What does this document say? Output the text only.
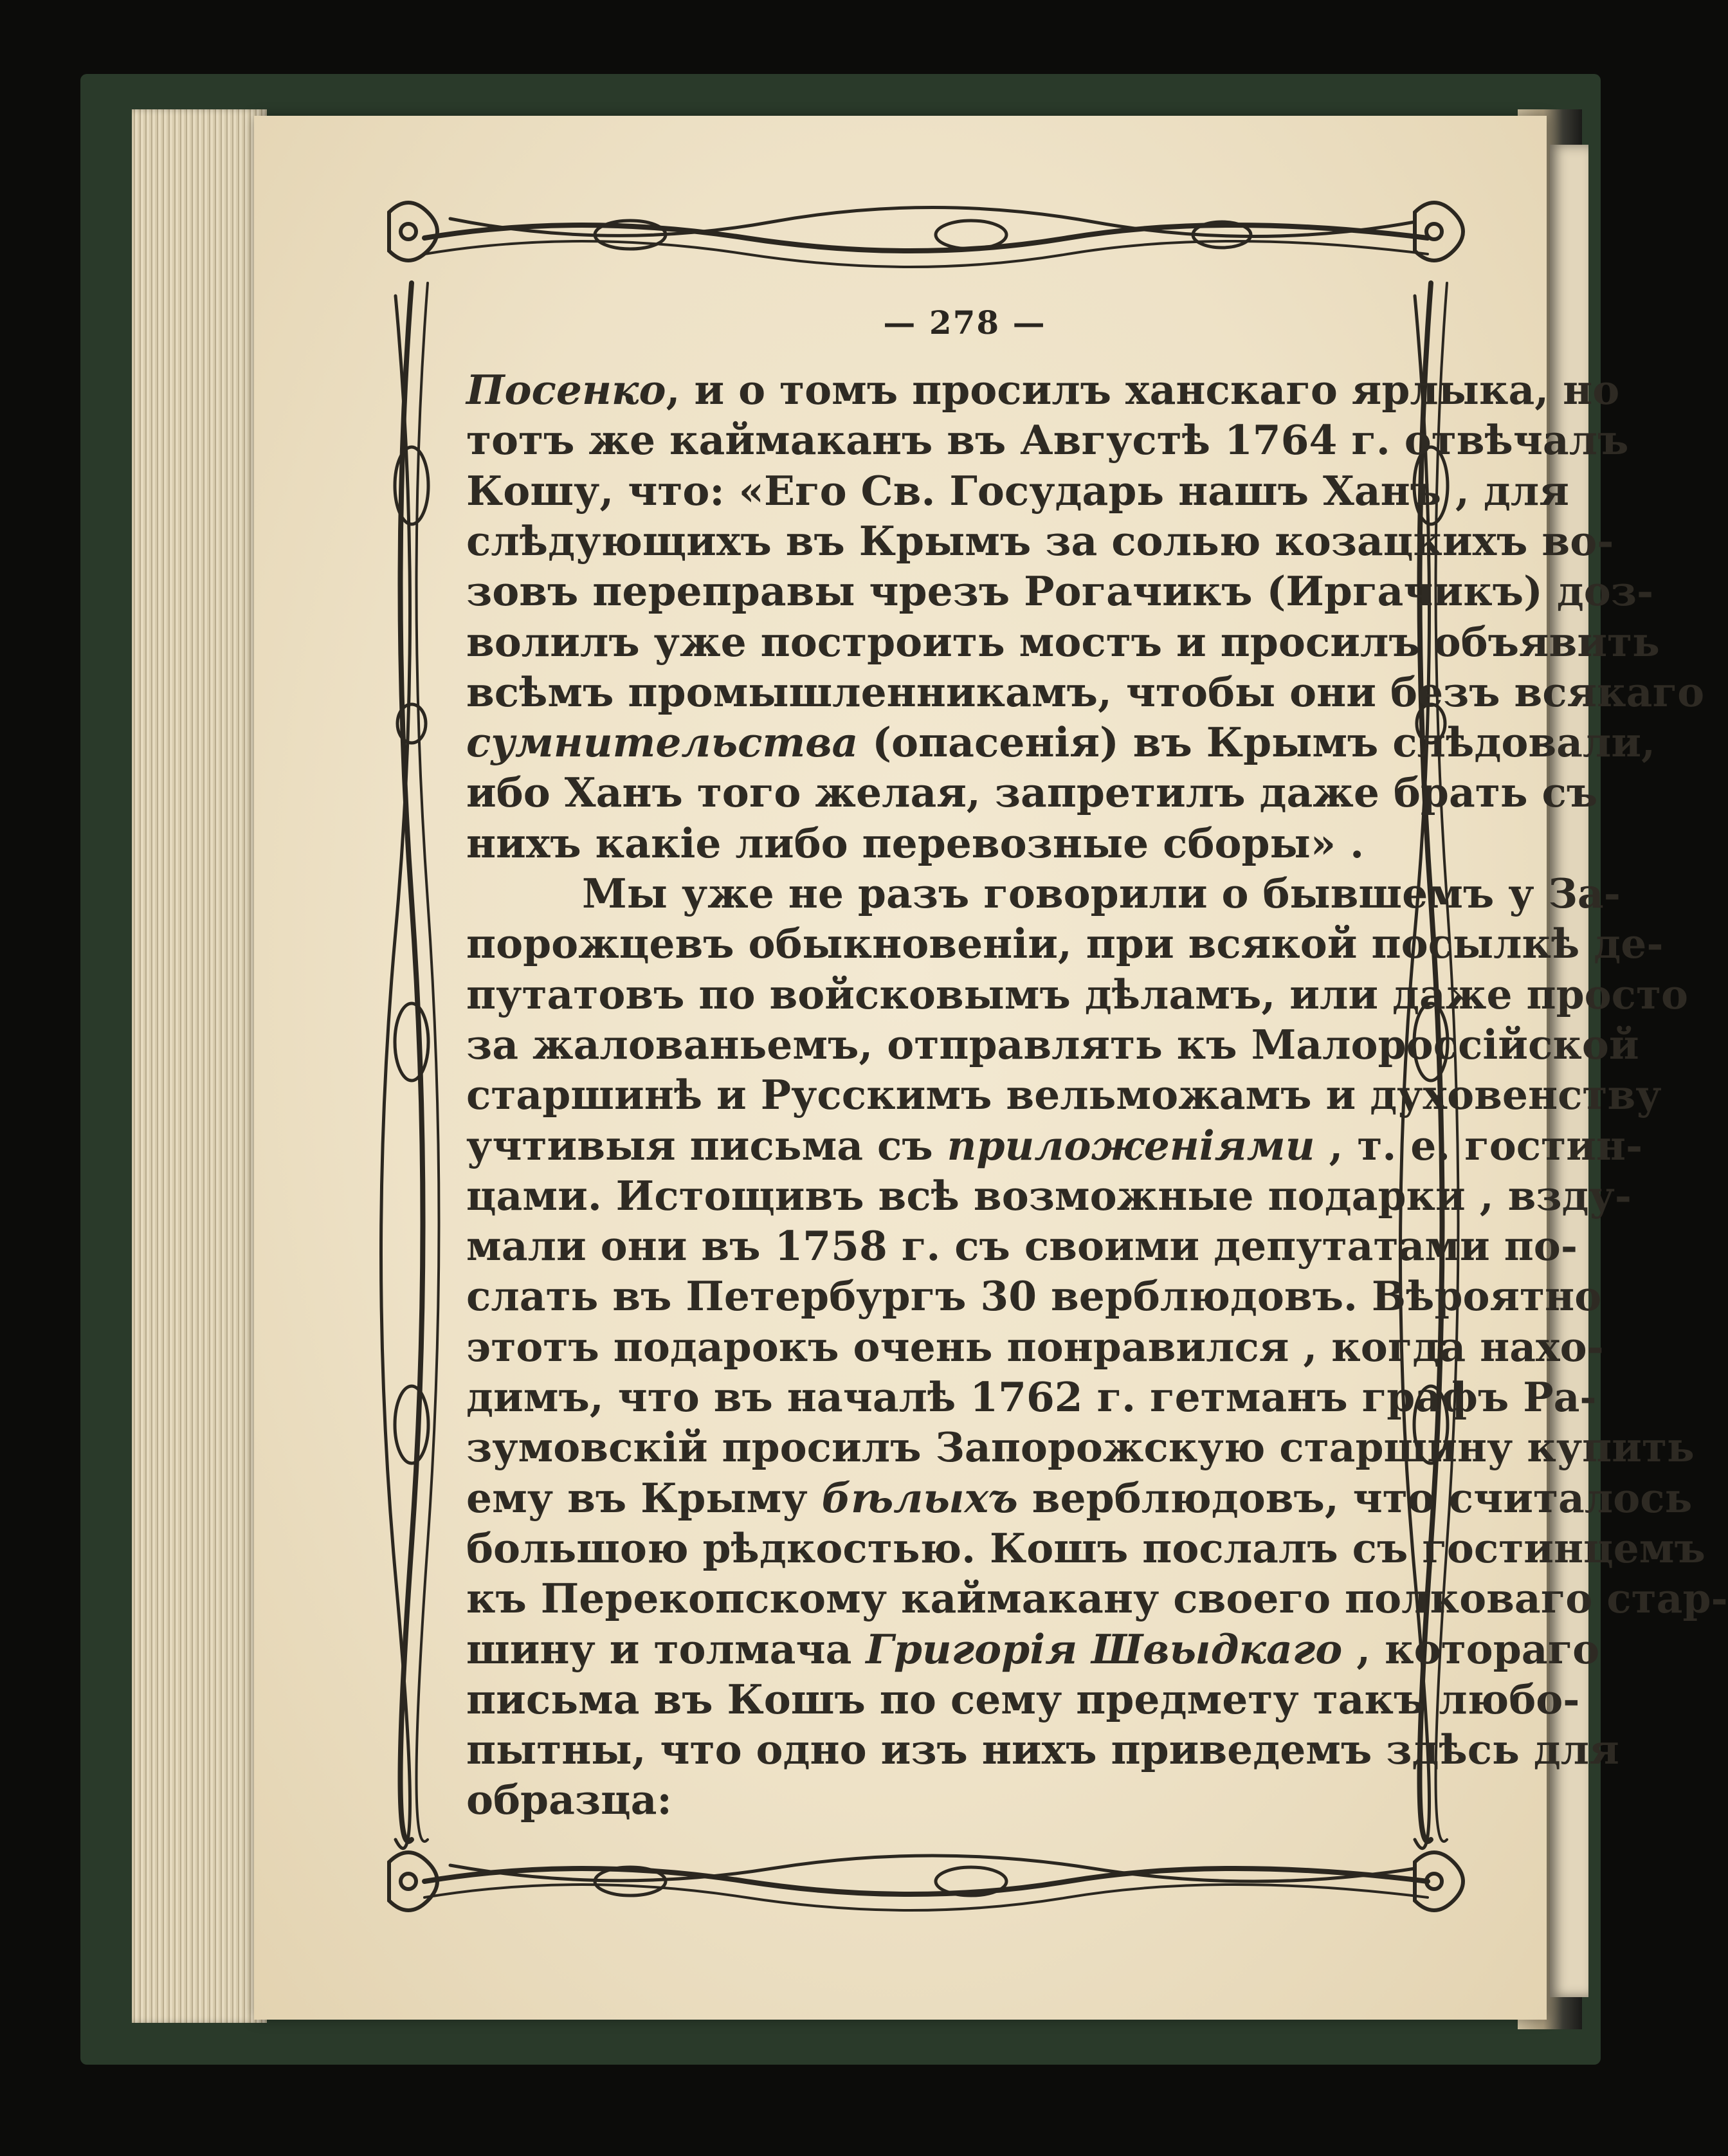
— 278 —
Посенко, и о томъ просилъ ханскаго ярлыка, но
тотъ же каймаканъ въ Августѣ 1764 г. отвѣчалъ
Кошу, что: «Его Св. Государь нашъ Ханъ , для
слѣдующихъ въ Крымъ за солью козацкихъ во-
зовъ переправы чрезъ Рогачикъ (Иргачикъ) доз-
волилъ уже построить мостъ и просилъ объявить
всѣмъ промышленникамъ, чтобы они безъ всякаго
сумнительства (опасенія) въ Крымъ слѣдовали,
ибо Ханъ того желая, запретилъ даже брать съ
нихъ какіе либо перевозные сборы» .
Мы уже не разъ говорили о бывшемъ у За-
порожцевъ обыкновеніи, при всякой посылкѣ де-
путатовъ по войсковымъ дѣламъ, или даже просто
за жалованьемъ, отправлять къ Малороссійской
старшинѣ и Русскимъ вельможамъ и духовенству
учтивыя письма съ приложеніями , т. е. гостин-
цами. Истощивъ всѣ возможные подарки , взду-
мали они въ 1758 г. съ своими депутатами по-
слать въ Петербургъ 30 верблюдовъ. Вѣроятно
этотъ подарокъ очень понравился , когда нахо-
димъ, что въ началѣ 1762 г. гетманъ графъ Ра-
зумовскій просилъ Запорожскую старшину купить
ему въ Крыму бѣлыхъ верблюдовъ, что считалось
большою рѣдкостью. Кошъ послалъ съ гостинцемъ
къ Перекопскому каймакану своего полковаго стар-
шину и толмача Григорія Швыдкаго , котораго
письма въ Кошъ по сему предмету такъ любо-
пытны, что одно изъ нихъ приведемъ здѣсь для
образца:
